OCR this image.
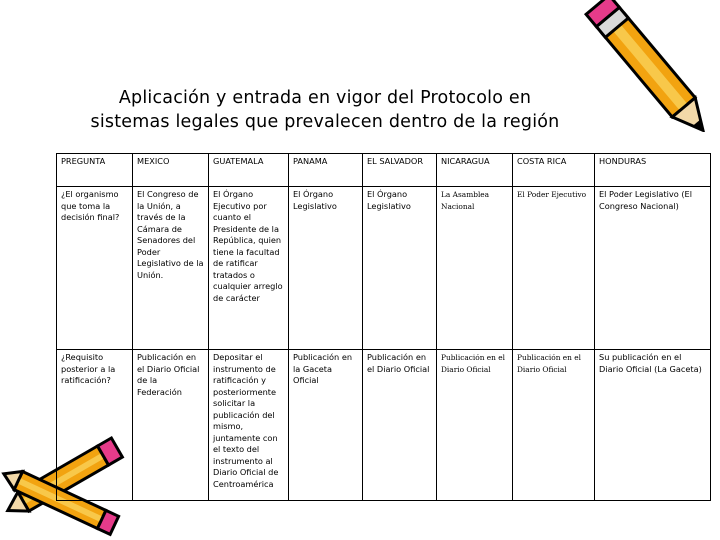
Aplicación y entrada en vigor del Protocolo en
sistemas legales que prevalecen dentro de la región
PREGUNTA	MEXICO	GUATEMALA	PANAMA	EL SALVADOR	NICARAGUA	COSTA RICA	HONDURAS
¿El organismo que toma la decisión final?	El Congreso de la Unión, a través de la Cámara de Senadores del Poder Legislativo de la Unión.	El Órgano Ejecutivo por cuanto el Presidente de la República, quien tiene la facultad de ratificar tratados o cualquier arreglo de carácter	El Órgano Legislativo	El Órgano Legislativo	La Asamblea Nacional	El Poder Ejecutivo	El Poder Legislativo (El Congreso Nacional)
¿Requisito posterior a la ratificación?	Publicación en el Diario Oficial de la Federación	Depositar el instrumento de ratificación y posteriormente solicitar la publicación del mismo, juntamente con el texto del instrumento al Diario Oficial de Centroamérica	Publicación en la Gaceta Oficial	Publicación en el Diario Oficial	Publicación en el Diario Oficial	Publicación en el Diario Oficial	Su publicación en el Diario Oficial (La Gaceta)
